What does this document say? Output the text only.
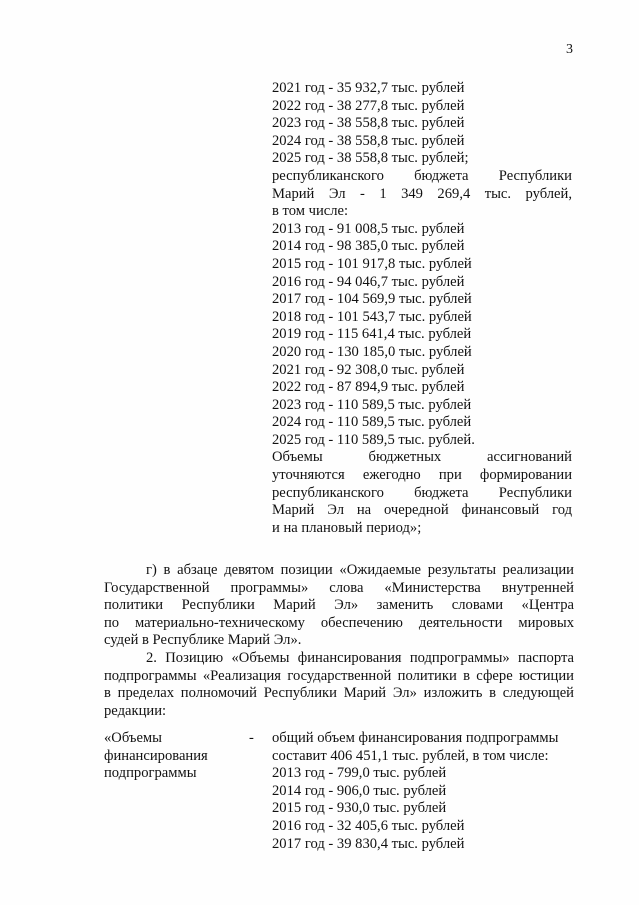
3
2021 год - 35 932,7 тыс. рублей
2022 год - 38 277,8 тыс. рублей
2023 год - 38 558,8 тыс. рублей
2024 год - 38 558,8 тыс. рублей
2025 год - 38 558,8 тыс. рублей;
республиканского бюджета Республики
Марий Эл - 1 349 269,4 тыс. рублей,
в том числе:
2013 год - 91 008,5 тыс. рублей
2014 год - 98 385,0 тыс. рублей
2015 год - 101 917,8 тыс. рублей
2016 год - 94 046,7 тыс. рублей
2017 год - 104 569,9 тыс. рублей
2018 год - 101 543,7 тыс. рублей
2019 год - 115 641,4 тыс. рублей
2020 год - 130 185,0 тыс. рублей
2021 год - 92 308,0 тыс. рублей
2022 год - 87 894,9 тыс. рублей
2023 год - 110 589,5 тыс. рублей
2024 год - 110 589,5 тыс. рублей
2025 год - 110 589,5 тыс. рублей.
Объемы бюджетных ассигнований
уточняются ежегодно при формировании
республиканского бюджета Республики
Марий Эл на очередной финансовый год
и на плановый период»;
г) в абзаце девятом позиции «Ожидаемые результаты реализации
Государственной программы» слова «Министерства внутренней
политики Республики Марий Эл» заменить словами «Центра
по материально-техническому обеспечению деятельности мировых
судей в Республике Марий Эл».
2. Позицию «Объемы финансирования подпрограммы» паспорта
подпрограммы «Реализация государственной политики в сфере юстиции
в пределах полномочий Республики Марий Эл» изложить в следующей
редакции:
«Объемы
финансирования
подпрограммы
- общий объем финансирования подпрограммы
составит 406 451,1 тыс. рублей, в том числе:
2013 год - 799,0 тыс. рублей
2014 год - 906,0 тыс. рублей
2015 год - 930,0 тыс. рублей
2016 год - 32 405,6 тыс. рублей
2017 год - 39 830,4 тыс. рублей
